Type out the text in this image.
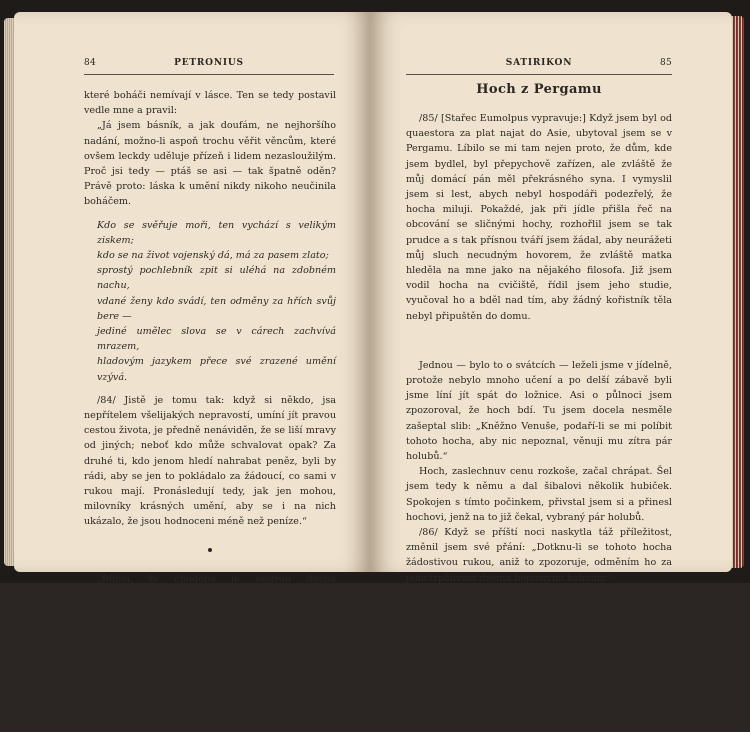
84	PETRONIUS

které boháči nemívají v lásce. Ten se tedy postavil vedle mne a pravil:

„Já jsem básník, a jak doufám, ne nejhoršího nadání, možno-li aspoň trochu věřit věncům, které ovšem leckdy uděluje přízeň i lidem nezasloužilým. Proč jsi tedy — ptáš se asi — tak špatně oděn? Právě proto: láska k umění nikdy nikoho neučinila boháčem.

Kdo se svěřuje moři, ten vychází s velikým ziskem;
kdo se na život vojenský dá, má za pasem zlato;
sprostý pochlebník zpit si uléhá na zdobném nachu,
vdané ženy kdo svádí, ten odměny za hřích svůj bere —
jediné umělec slova se v cárech zachvívá mrazem,
hladovým jazykem přece své zrazené umění vzývá.

/84/ Jistě je tomu tak: když si někdo, jsa nepřítelem všelijakých nepravostí, umíní jít pravou cestou života, je předně nenáviděn, že se liší mravy od jiných; neboť kdo může schvalovat opak? Za druhé ti, kdo jenom hledí nahrabat peněz, byli by rádi, aby se jen to pokládalo za žádoucí, co sami v rukou mají. Pronásledují tedy, jak jen mohou, milovníky krásných umění, aby se i na nich ukázalo, že jsou hodnoceni méně než peníze.“

„Bůhví, že chudoba je sestrou ducha vynikajícího.“

„Kéž by nepřítel mé poctivosti byl aspoň tak řádným člověkem, aby bylo lze ho ukonejšit. Ale je to starý lotr a vychytralejší nad samé kuplíře.“

SATIRIKON	85
Hoch z Pergamu

/85/ [Stařec Eumolpus vypravuje:] Když jsem byl od quaestora za plat najat do Asie, ubytoval jsem se v Pergamu. Líbilo se mi tam nejen proto, že dům, kde jsem bydlel, byl přepychově zařízen, ale zvláště že můj domácí pán měl překrásného syna. I vymyslil jsem si lest, abych nebyl hospodáři podezřelý, že hocha miluji. Pokaždé, jak při jídle přišla řeč na obcování se sličnými hochy, rozhořlil jsem se tak prudce a s tak přísnou tváří jsem žádal, aby neurážeti můj sluch necudným hovorem, že zvláště matka hleděla na mne jako na nějakého filosofa. Již jsem vodil hocha na cvičiště, řídil jsem jeho studie, vyučoval ho a bděl nad tím, aby žádný kořistník těla nebyl připuštěn do domu.

Jednou — bylo to o svátcích — leželi jsme v jídelně, protože nebylo mnoho učení a po delší zábavě byli jsme líní jít spát do ložnice. Asi o půlnoci jsem zpozoroval, že hoch bdí. Tu jsem docela nesměle zašeptal slib: „Kněžno Venuše, podaří-li se mi políbit tohoto hocha, aby nic nepoznal, věnuji mu zítra pár holubů.“

Hoch, zaslechnuv cenu rozkoše, začal chrápat. Šel jsem tedy k němu a dal šibalovi několik hubiček. Spokojen s tímto počinkem, přivstal jsem si a přinesl hochovi, jenž na to již čekal, vybraný pár holubů.

/86/ Když se příští noci naskytla táž příležitost, změnil jsem své přání: „Dotknu-li se tohoto hocha žádostivou rukou, aniž to zpozoruje, odměním ho za jeho trpělivost dvěma bojovnými kohouty.“

Na ten slib se hoch sám přisunul ke mně, asi z obavy, abych neusnul. Zprostil jsem ho tedy znepokojení a po-
